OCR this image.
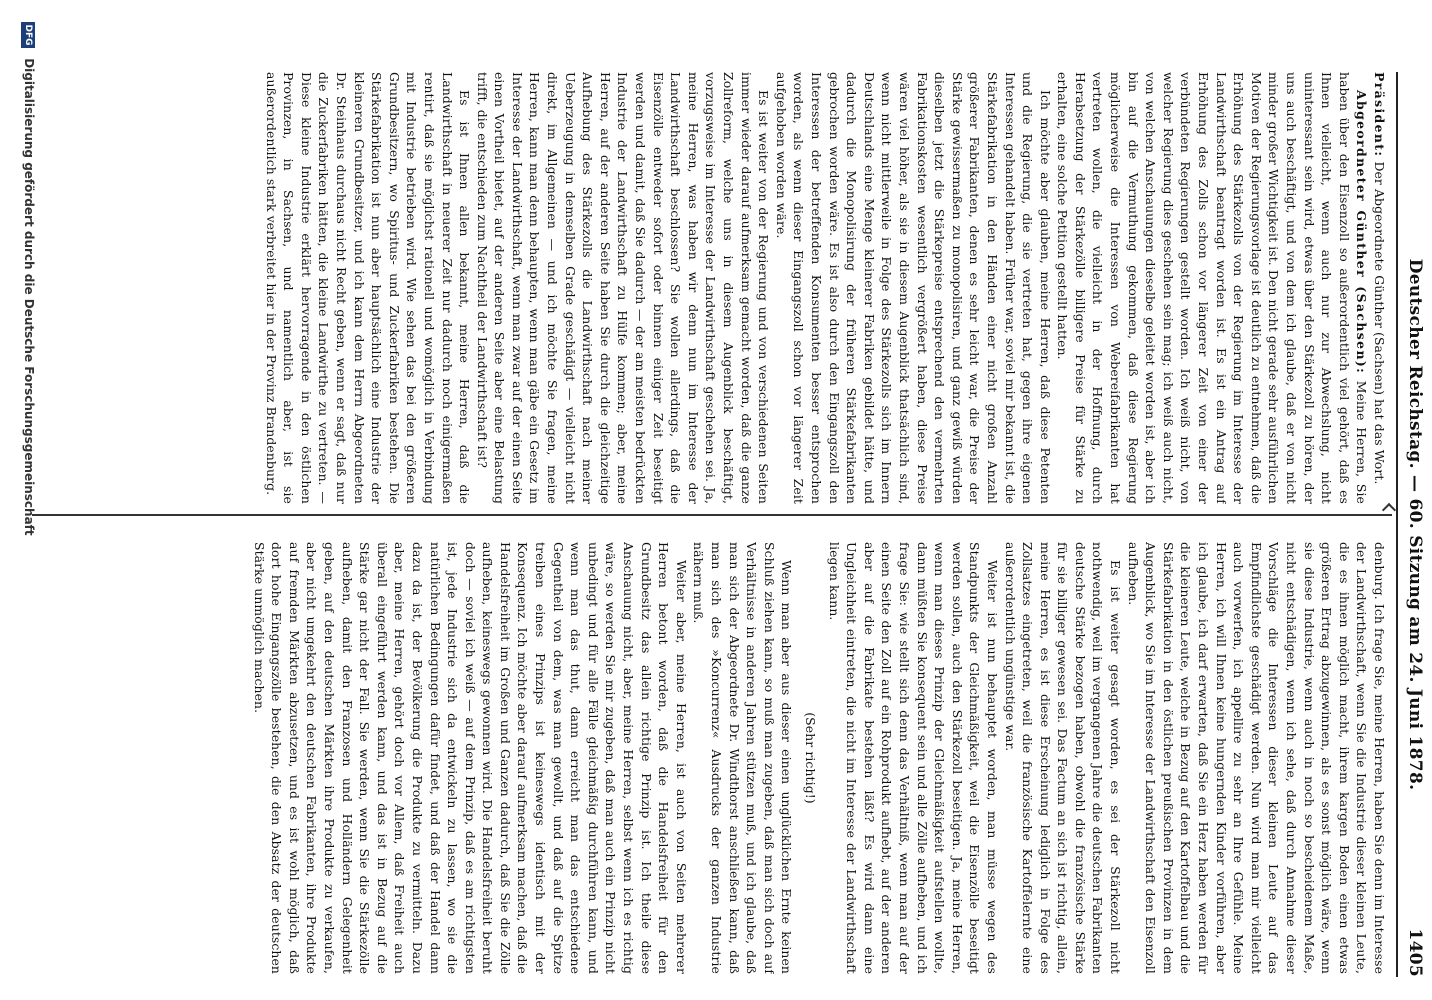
Deutscher Reichstag. — 60. Sitzung am 24. Juni 1878.
1405

Präsident: Der Abgeordnete Günther (Sachsen) hat das Wort.

Abgeordneter Günther (Sachsen): Meine Herren, Sie haben über den Eisenzoll so außerordentlich viel gehört, daß es Ihnen vielleicht, wenn auch nur zur Abwechslung, nicht uninteressant sein wird, etwas über den Stärkezoll zu hören, der uns auch beschäftigt, und von dem ich glaube, daß er von nicht minder großer Wichtigkeit ist. Den nicht gerade sehr ausführlichen Motiven der Regierungsvorlage ist deutlich zu entnehmen, daß die Erhöhung des Stärkezolls von der Regierung im Interesse der Landwirthschaft beantragt worden ist. Es ist ein Antrag auf Erhöhung des Zolls schon vor längerer Zeit von einer der verbündeten Regierungen gestellt worden. Ich weiß nicht, von welcher Regierung dies geschehen sein mag; ich weiß auch nicht, von welchen Anschauungen dieselbe geleitet worden ist, aber ich bin auf die Vermuthung gekommen, daß diese Regierung möglicherweise die Interessen von Webereifabrikanten hat vertreten wollen, die vielleicht in der Hoffnung, durch Herabsetzung der Stärkezölle billigere Preise für Stärke zu erhalten, eine solche Petition gestellt hatten.

Ich möchte aber glauben, meine Herren, daß diese Petenten und die Regierung, die sie vertreten hat, gegen ihre eigenen Interessen gehandelt haben. Früher war, soviel mir bekannt ist, die Stärkefabrikation in den Händen einer nicht großen Anzahl größerer Fabrikanten, denen es sehr leicht war, die Preise der Stärke gewissermaßen zu monopolisiren, und ganz gewiß würden dieselben jetzt die Stärkepreise entsprechend den vermehrten Fabrikationskosten wesentlich vergrößert haben, diese Preise wären viel höher, als sie in diesem Augenblick thatsächlich sind, wenn nicht mittlerweile in Folge des Stärkezolls sich im Innern Deutschlands eine Menge kleinerer Fabriken gebildet hätte, und dadurch die Monopolisirung der früheren Stärkefabrikanten gebrochen worden wäre. Es ist also durch den Eingangszoll den Interessen der betreffenden Konsumenten besser entsprochen worden, als wenn dieser Eingangszoll schon vor längerer Zeit aufgehoben worden wäre.

Es ist weiter von der Regierung und von verschiedenen Seiten immer wieder darauf aufmerksam gemacht worden, daß die ganze Zollreform, welche uns in diesem Augenblick beschäftigt, vorzugsweise im Interesse der Landwirthschaft geschehen sei. Ja, meine Herren, was haben wir denn nun im Interesse der Landwirthschaft beschlossen? Sie wollen allerdings, daß die Eisenzölle entweder sofort oder binnen einiger Zeit beseitigt werden und damit, daß Sie dadurch — der am meisten bedrückten Industrie der Landwirthschaft zu Hülfe kommen; aber, meine Herren, auf der anderen Seite haben Sie durch die gleichzeitige Aufhebung des Stärkezolls die Landwirthschaft nach meiner Ueberzeugung in demselben Grade geschädigt — vielleicht nicht direkt, im Allgemeinen — und ich möchte Sie fragen, meine Herren, kann man denn behaupten, wenn man gäbe ein Gesetz im Interesse der Landwirthschaft, wenn man zwar auf der einen Seite einen Vortheil bietet, auf der anderen Seite aber eine Belastung trifft, die entschieden zum Nachtheil der Landwirthschaft ist?

Es ist Ihnen allen bekannt, meine Herren, daß die Landwirthschaft in neuerer Zeit nur dadurch noch einigermaßen rentirt, daß sie möglichst rationell und womöglich in Verbindung mit Industrie betrieben wird. Wie sehen das bei den größeren Grundbesitzern, wo Spiritus- und Zuckerfabriken bestehen. Die Stärkefabrikation ist nun aber hauptsächlich eine Industrie der kleineren Grundbesitzer, und ich kann dem Herrn Abgeordneten Dr. Steinhaus durchaus nicht Recht geben, wenn er sagt, daß nur die Zuckerfabriken hätten, die kleine Landwirthe zu vertreten. — Diese kleine Industrie erklärt hervorragende in den östlichen Provinzen, in Sachsen, und namentlich aber, ist sie außerordentlich stark verbreitet hier in der Provinz Brandenburg.

denburg. Ich frage Sie, meine Herren, haben Sie denn im Interesse der Landwirthschaft, wenn Sie die Industrie dieser kleinen Leute, die es ihnen möglich macht, ihrem kargen Boden einen etwas größeren Ertrag abzugewinnen, als es sonst möglich wäre, wenn sie diese Industrie, wenn auch in noch so bescheidenem Maße, nicht entschädigen, wenn ich sehe, daß durch Annahme dieser Vorschläge die Interessen dieser kleinen Leute auf das Empfindlichste geschädigt werden. Nun wird man mir vielleicht auch vorwerfen, ich appellire zu sehr an Ihre Gefühle. Meine Herren, ich will Ihnen keine hungernden Kinder vorführen, aber ich glaube, ich darf erwarten, daß Sie ein Herz haben werden für die kleineren Leute, welche in Bezug auf den Kartoffelbau und die Stärkefabrikation in den östlichen preußischen Provinzen in dem Augenblick, wo Sie im Interesse der Landwirthschaft den Eisenzoll aufheben.

Es ist weiter gesagt worden, es sei der Stärkezoll nicht nothwendig, weil im vergangenen Jahre die deutschen Fabrikanten deutsche Stärke bezogen haben, obwohl die französische Stärke für sie billiger gewesen sei. Das Factum an sich ist richtig, allein, meine Herren, es ist diese Erscheinung lediglich in Folge des Zollsatzes eingetreten, weil die französische Kartoffelernte eine außerordentlich ungünstige war.

Weiter ist nun behauptet worden, man müsse wegen des Standpunkts der Gleichmäßigkeit, weil die Eisenzölle beseitigt werden sollen, auch den Stärkezoll beseitigen. Ja, meine Herren, wenn man dieses Prinzip der Gleichmäßigkeit aufstellen wollte, dann müßten Sie konsequent sein und alle Zölle aufheben, und ich frage Sie: wie stellt sich denn das Verhältniß, wenn man auf der einen Seite den Zoll auf ein Rohprodukt aufhebt, auf der anderen aber auf die Fabrikate bestehen läßt? Es wird dann eine Ungleichheit eintreten, die nicht im Interesse der Landwirthschaft liegen kann.

(Sehr richtig!)

Wenn man aber aus dieser einen unglücklichen Ernte keinen Schluß ziehen kann, so muß man zugeben, daß man sich doch auf Verhältnisse in anderen Jahren stützen muß, und ich glaube, daß man sich der Abgeordnete Dr. Windthorst anschließen kann, daß man sich des »Koncurrenz« Ausdrucks der ganzen Industrie nähern muß.

Weiter aber, meine Herren, ist auch von Seiten mehrerer Herren betont worden, daß die Handelsfreiheit für den Grundbesitz das allein richtige Prinzip ist. Ich theile diese Anschauung nicht, aber, meine Herren, selbst wenn ich es richtig wäre, so werden Sie mir zugeben, daß man auch ein Prinzip nicht unbedingt und für alle Fälle gleichmäßig durchführen kann, und wenn man das thut, dann erreicht man das entschiedene Gegentheil von dem, was man gewollt, und daß auf die Spitze treiben eines Prinzips ist keineswegs identisch mit der Konsequenz. Ich möchte aber darauf aufmerksam machen, daß die Handelsfreiheit im Großen und Ganzen dadurch, daß Sie die Zölle aufheben, keineswegs gewonnen wird. Die Handelsfreiheit beruht doch — soviel ich weiß — auf dem Prinzip, daß es am richtigsten ist, jede Industrie sich da entwickeln zu lassen, wo sie die natürlichen Bedingungen dafür findet, und daß der Handel dann dazu da ist, der Bevölkerung die Produkte zu vermitteln. Dazu aber, meine Herren, gehört doch vor Allem, daß Freiheit auch überall eingeführt werden kann, und das ist in Bezug auf die Stärke gar nicht der Fall. Sie werden, wenn Sie die Stärkezölle aufheben, damit den Franzosen und Holländern Gelegenheit geben, auf den deutschen Märkten ihre Produkte zu verkaufen, aber nicht umgekehrt den deutschen Fabrikanten, ihre Produkte auf fremden Märkten abzusetzen, und es ist wohl möglich, daß dort hohe Eingangszölle bestehen, die den Absatz der deutschen Stärke unmöglich machen.

DFG Digitalisierung gefördert durch die Deutsche Forschungsgemeinschaft
